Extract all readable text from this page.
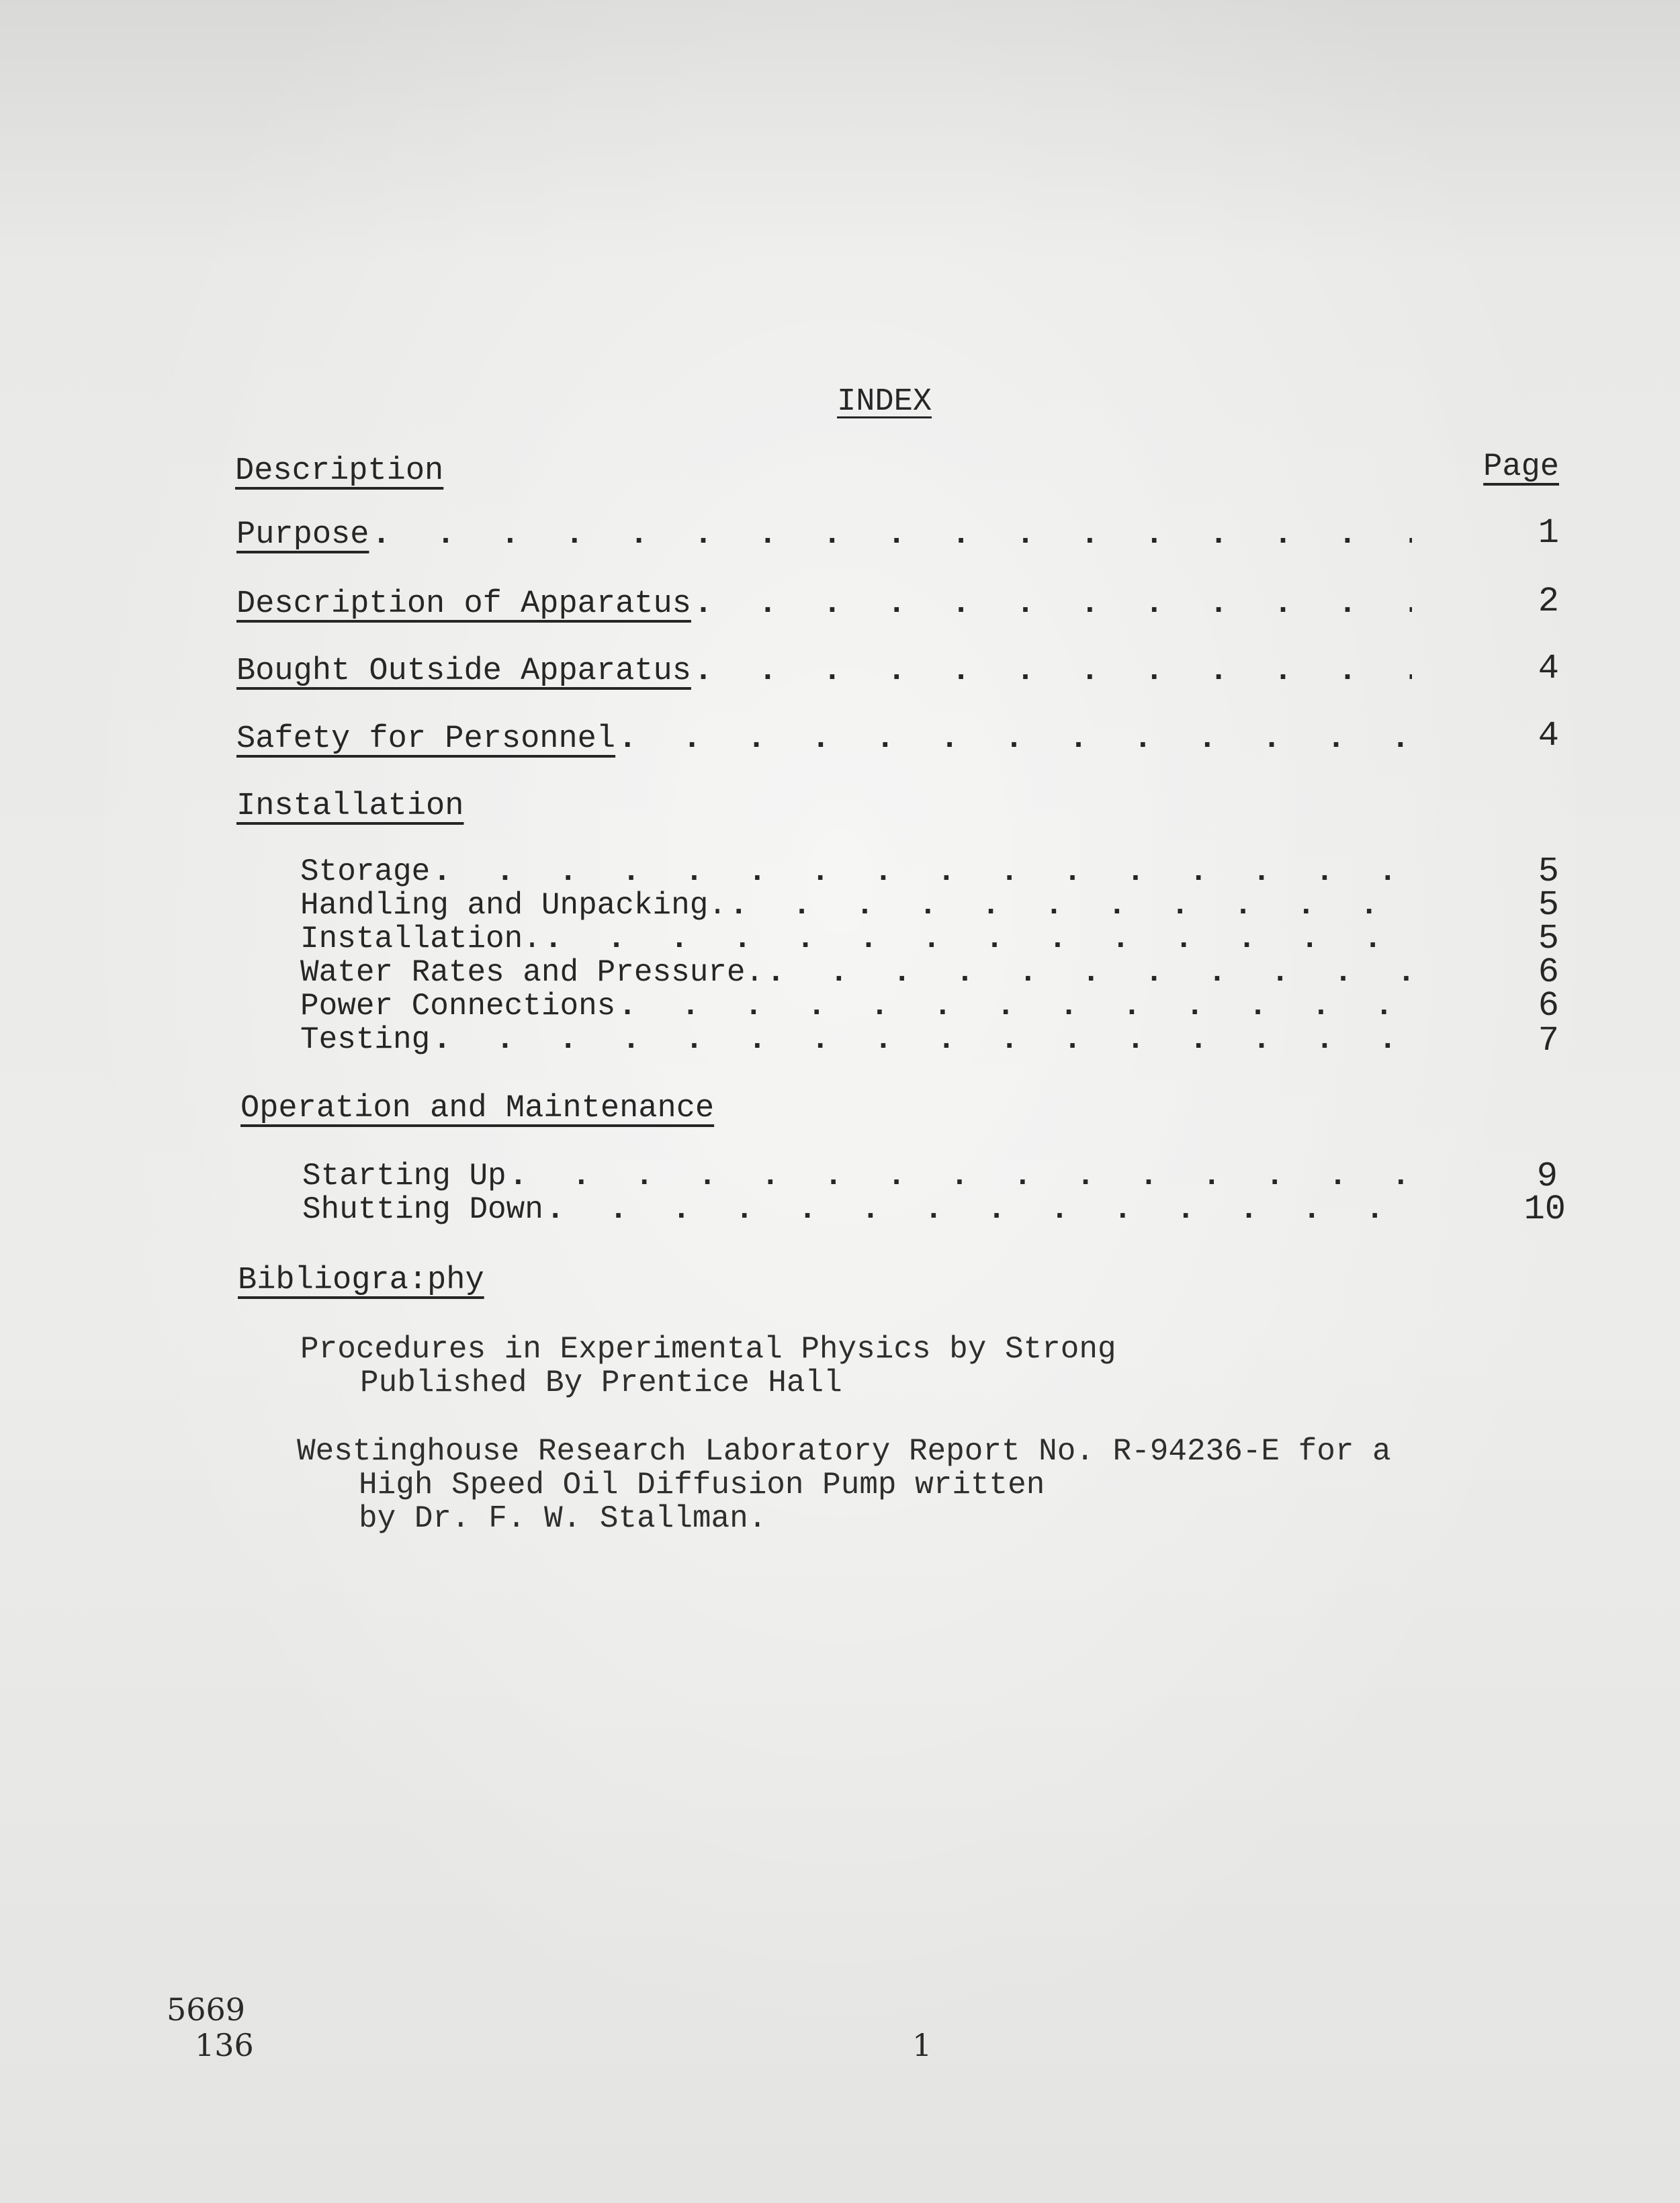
INDEX
Description	Page
Purpose . . .	1
Description of Apparatus . . .	2
Bought Outside Apparatus . . .	4
Safety for Personnel . . .	4
Installation
Storage . . .	5
Handling and Unpacking. . . .	5
Installation. . . .	5
Water Rates and Pressure. . . .	6
Power Connections . . .	6
Testing . . .	7
Operation and Maintenance
Starting Up . . .	9
Shutting Down . . .	10
Bibliogra:phy
Procedures in Experimental Physics by Strong
Published By Prentice Hall
Westinghouse Research Laboratory Report No. R-94236-E for a
High Speed Oil Diffusion Pump written
by Dr. F. W. Stallman.
5669
136	1
